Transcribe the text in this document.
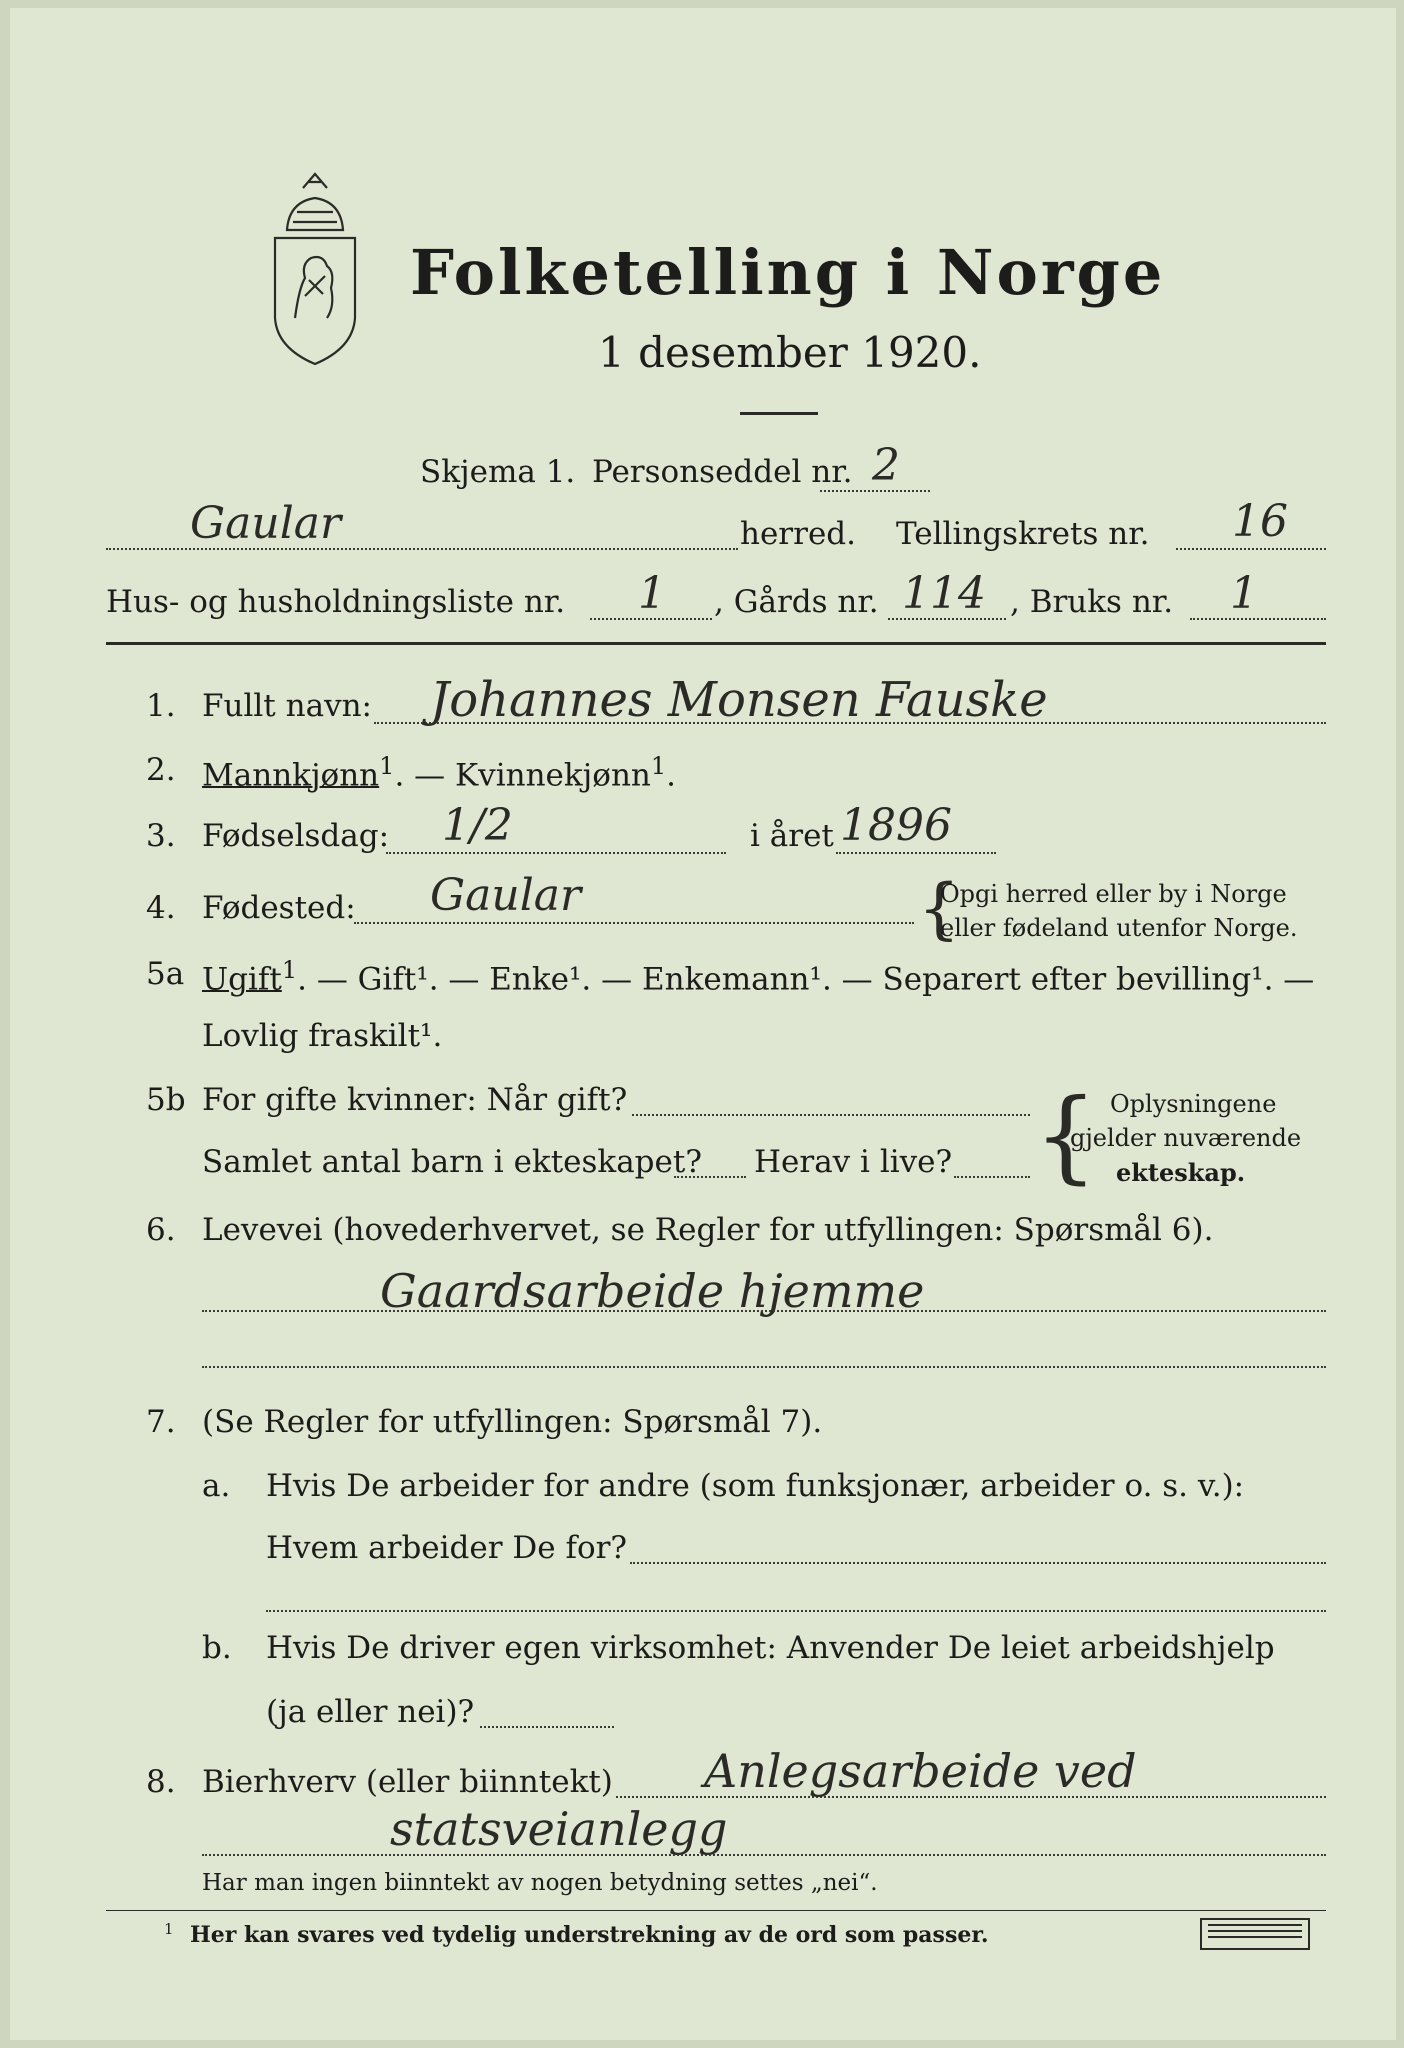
Folketelling i Norge
1 desember 1920.
Skjema 1. Personseddel nr. 2
Gaular	herred. Tellingskrets nr. 16
Hus- og husholdningsliste nr. 1 , Gårds nr. 114 , Bruks nr. 1
1. Fullt navn: Johannes Monsen Fauske
2. Mannkjønn$^1$. — Kvinnekjønn$^1$.
3. Fødselsdag: 1/2	i året 1896
4. Fødested: Gaular	{
Opgi herred eller by i Norge
eller fødeland utenfor Norge.
5a Ugift$^1$. — Gift¹. — Enke¹. — Enkemann¹. — Separert efter bevilling¹. —
Lovlig fraskilt¹.
5b For gifte kvinner: Når gift?
Samlet antal barn i ekteskapet? Herav i live? { Oplysningene
gjelder nuværende
ekteskap.
6. Levevei (hovederhvervet, se Regler for utfyllingen: Spørsmål 6).
Gaardsarbeide hjemme
7. (Se Regler for utfyllingen: Spørsmål 7).
a. Hvis De arbeider for andre (som funksjonær, arbeider o. s. v.):
Hvem arbeider De for?
b. Hvis De driver egen virksomhet: Anvender De leiet arbeidshjelp
(ja eller nei)?
8. Bierhverv (eller biinntekt) Anlegsarbeide ved
statsveianlegg
Har man ingen biinntekt av nogen betydning settes „nei“.
1 Her kan svares ved tydelig understrekning av de ord som passer.
